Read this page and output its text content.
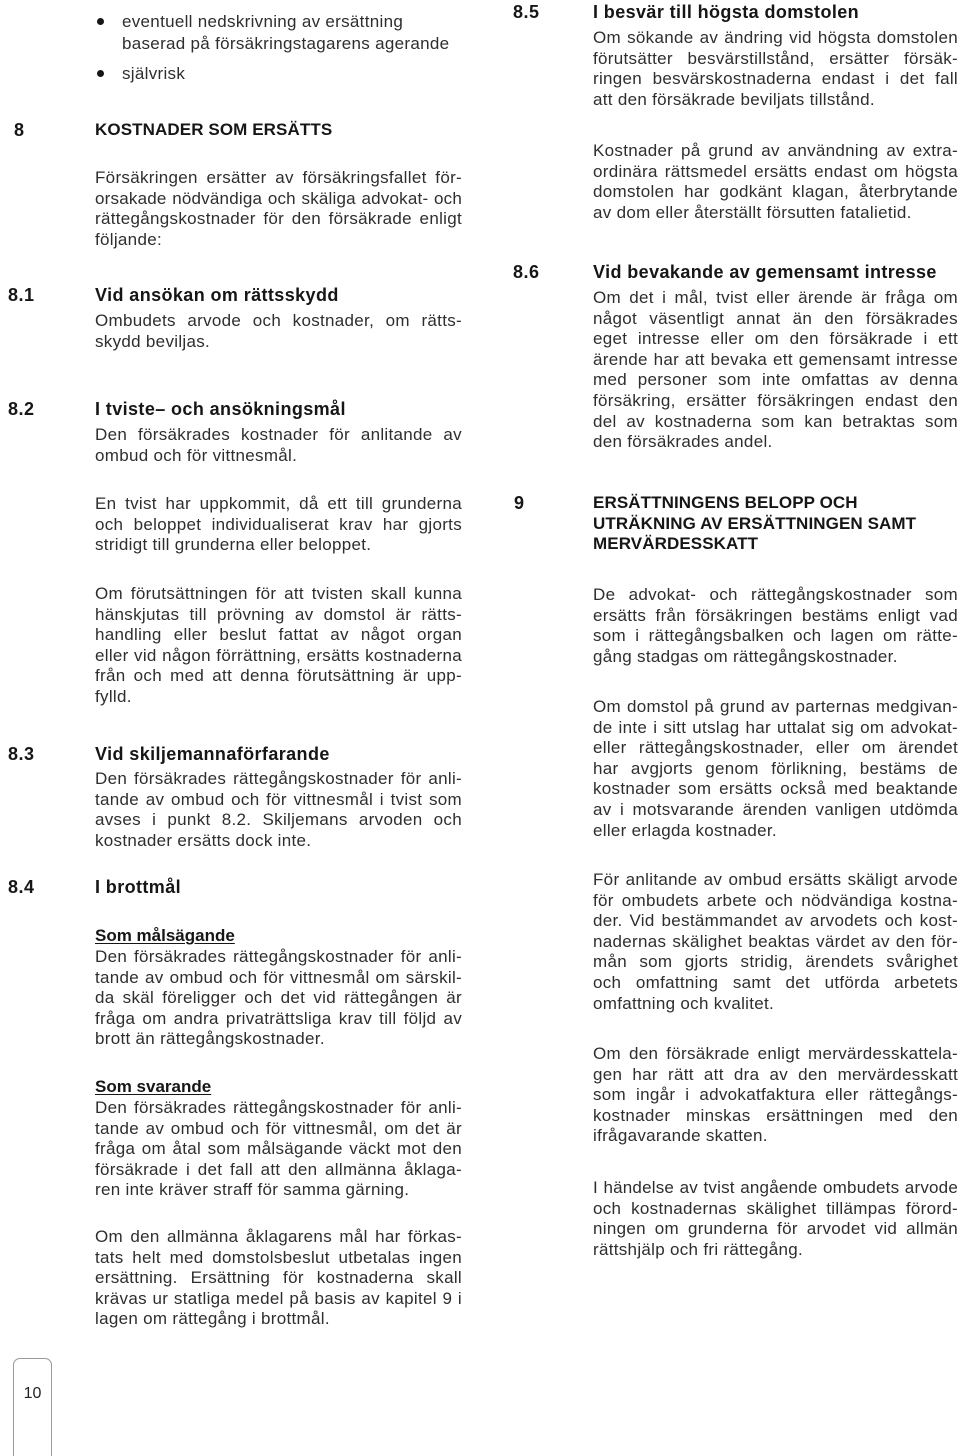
eventuell nedskrivning av ersättning
baserad på försäkringstagarens agerande
självrisk
8	KOSTNADER SOM ERSÄTTS
Försäkringen ersätter av försäkringsfallet för-
orsakade nödvändiga och skäliga advokat- och
rättegångskostnader för den försäkrade enligt
följande:
8.1	Vid ansökan om rättsskydd
Ombudets arvode och kostnader, om rätts-
skydd beviljas.
8.2	I tviste– och ansökningsmål
Den försäkrades kostnader för anlitande av
ombud och för vittnesmål.
En tvist har uppkommit, då ett till grunderna
och beloppet individualiserat krav har gjorts
stridigt till grunderna eller beloppet.
Om förutsättningen för att tvisten skall kunna
hänskjutas till prövning av domstol är rätts-
handling eller beslut fattat av något organ
eller vid någon förrättning, ersätts kostnaderna
från och med att denna förutsättning är upp-
fylld.
8.3	Vid skiljemannaförfarande
Den försäkrades rättegångskostnader för anli-
tande av ombud och för vittnesmål i tvist som
avses i punkt 8.2. Skiljemans arvoden och
kostnader ersätts dock inte.
8.4	I brottmål
Som målsägande
Den försäkrades rättegångskostnader för anli-
tande av ombud och för vittnesmål om särskil-
da skäl föreligger och det vid rättegången är
fråga om andra privaträttsliga krav till följd av
brott än rättegångskostnader.
Som svarande
Den försäkrades rättegångskostnader för anli-
tande av ombud och för vittnesmål, om det är
fråga om åtal som målsägande väckt mot den
försäkrade i det fall att den allmänna åklaga-
ren inte kräver straff för samma gärning.
Om den allmänna åklagarens mål har förkas-
tats helt med domstolsbeslut utbetalas ingen
ersättning. Ersättning för kostnaderna skall
krävas ur statliga medel på basis av kapitel 9 i
lagen om rättegång i brottmål.
10
8.5	I besvär till högsta domstolen
Om sökande av ändring vid högsta domstolen
förutsätter besvärstillstånd, ersätter försäk-
ringen besvärskostnaderna endast i det fall
att den försäkrade beviljats tillstånd.
Kostnader på grund av användning av extra-
ordinära rättsmedel ersätts endast om högsta
domstolen har godkänt klagan, återbrytande
av dom eller återställt försutten fatalietid.
8.6	Vid bevakande av gemensamt intresse
Om det i mål, tvist eller ärende är fråga om
något väsentligt annat än den försäkrades
eget intresse eller om den försäkrade i ett
ärende har att bevaka ett gemensamt intresse
med personer som inte omfattas av denna
försäkring, ersätter försäkringen endast den
del av kostnaderna som kan betraktas som
den försäkrades andel.
9	ERSÄTTNINGENS BELOPP OCH
UTRÄKNING AV ERSÄTTNINGEN SAMT
MERVÄRDESSKATT
De advokat- och rättegångskostnader som
ersätts från försäkringen bestäms enligt vad
som i rättegångsbalken och lagen om rätte-
gång stadgas om rättegångskostnader.
Om domstol på grund av parternas medgivan-
de inte i sitt utslag har uttalat sig om advokat-
eller rättegångskostnader, eller om ärendet
har avgjorts genom förlikning, bestäms de
kostnader som ersätts också med beaktande
av i motsvarande ärenden vanligen utdömda
eller erlagda kostnader.
För anlitande av ombud ersätts skäligt arvode
för ombudets arbete och nödvändiga kostna-
der. Vid bestämmandet av arvodets och kost-
nadernas skälighet beaktas värdet av den för-
mån som gjorts stridig, ärendets svårighet
och omfattning samt det utförda arbetets
omfattning och kvalitet.
Om den försäkrade enligt mervärdesskattela-
gen har rätt att dra av den mervärdesskatt
som ingår i advokatfaktura eller rättegångs-
kostnader minskas ersättningen med den
ifrågavarande skatten.
I händelse av tvist angående ombudets arvode
och kostnadernas skälighet tillämpas förord-
ningen om grunderna för arvodet vid allmän
rättshjälp och fri rättegång.
